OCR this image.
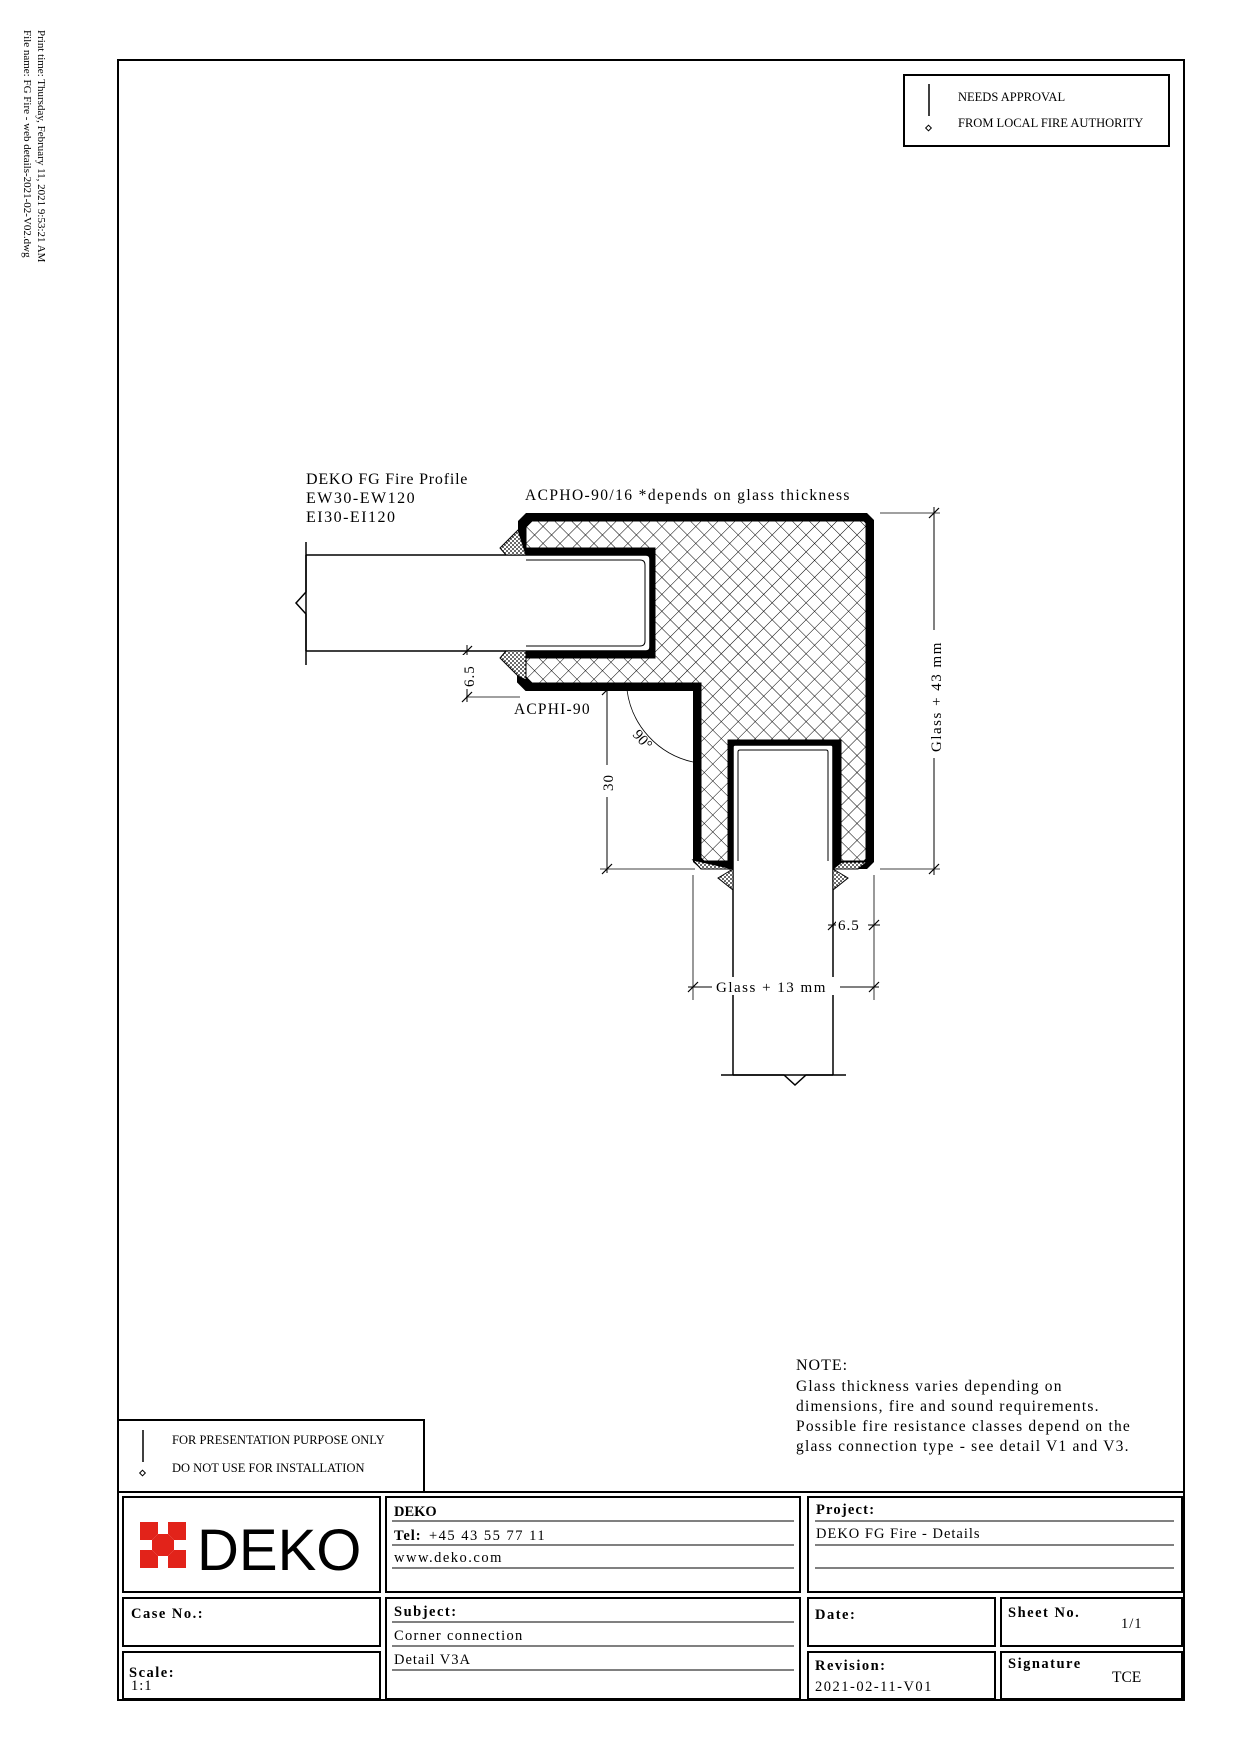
Print time: Thursday, February 11, 2021 9:53:21 AM
File name: FG Fire - web details-2021-02-V02.dwg	NEEDS APPROVAL
FROM LOCAL FIRE AUTHORITY
Glass + 43 mm
30
6.5
6.5
Glass + 13 mm
90°
DEKO FG Fire Profile
EW30-EW120
EI30-EI120
ACPHO-90/16 *depends on glass thickness
ACPHI-90
NOTE:
Glass thickness varies depending on
dimensions, fire and sound requirements.
Possible fire resistance classes depend on the
glass connection type - see detail V1 and V3.
FOR PRESENTATION PURPOSE ONLY
DO NOT USE FOR INSTALLATION
DEKO
DEKO
Tel: +45 43 55 77 11
www.deko.com
Project:
DEKO FG Fire - Details
Case No.:
Scale:
1:1
Subject:
Corner connection
Detail V3A
Date:	Sheet No.
1/1
Revision:
2021-02-11-V01
Signature
TCE
